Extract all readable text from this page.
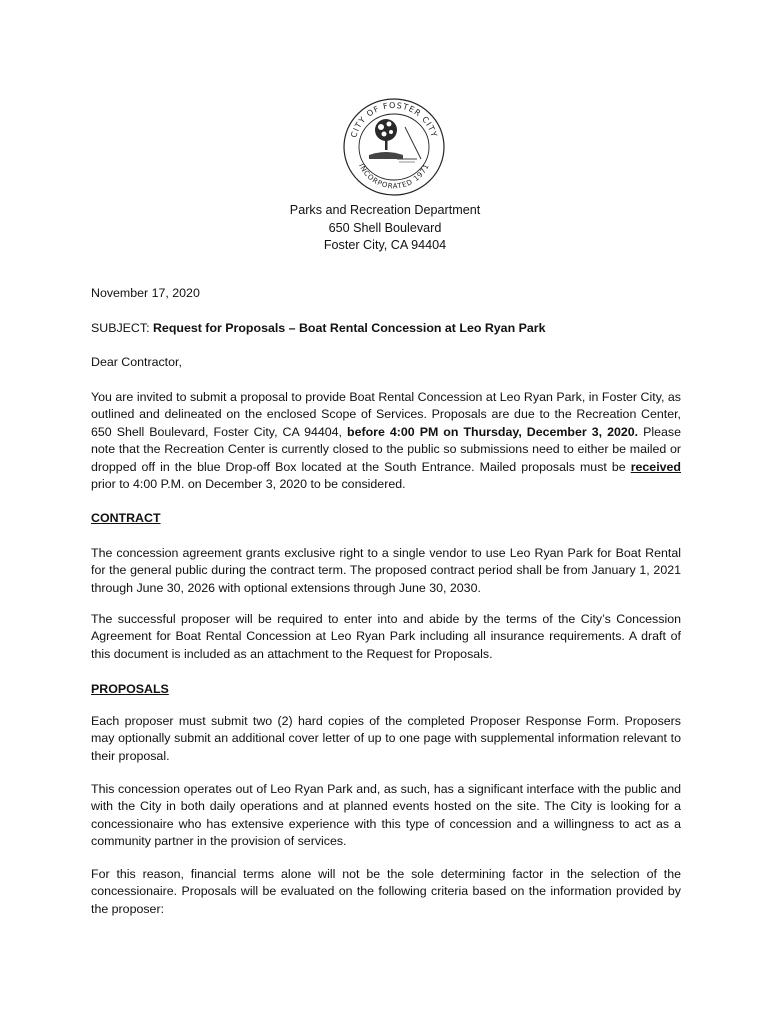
CITY OF FOSTER CITY
INCORPORATED 1971
Parks and Recreation Department
650 Shell Boulevard
Foster City, CA 94404
November 17, 2020
SUBJECT: Request for Proposals – Boat Rental Concession at Leo Ryan Park
Dear Contractor,

You are invited to submit a proposal to provide Boat Rental Concession at Leo Ryan Park, in Foster City, as outlined and delineated on the enclosed Scope of Services. Proposals are due to the Recreation Center, 650 Shell Boulevard, Foster City, CA 94404, before 4:00 PM on Thursday, December 3, 2020. Please note that the Recreation Center is currently closed to the public so submissions need to either be mailed or dropped off in the blue Drop-off Box located at the South Entrance. Mailed proposals must be received prior to 4:00 P.M. on December 3, 2020 to be considered.

CONTRACT

The concession agreement grants exclusive right to a single vendor to use Leo Ryan Park for Boat Rental for the general public during the contract term. The proposed contract period shall be from January 1, 2021 through June 30, 2026 with optional extensions through June 30, 2030.

The successful proposer will be required to enter into and abide by the terms of the City’s Concession Agreement for Boat Rental Concession at Leo Ryan Park including all insurance requirements. A draft of this document is included as an attachment to the Request for Proposals.

PROPOSALS

Each proposer must submit two (2) hard copies of the completed Proposer Response Form. Proposers may optionally submit an additional cover letter of up to one page with supplemental information relevant to their proposal.

This concession operates out of Leo Ryan Park and, as such, has a significant interface with the public and with the City in both daily operations and at planned events hosted on the site. The City is looking for a concessionaire who has extensive experience with this type of concession and a willingness to act as a community partner in the provision of services.

For this reason, financial terms alone will not be the sole determining factor in the selection of the concessionaire. Proposals will be evaluated on the following criteria based on the information provided by the proposer:
